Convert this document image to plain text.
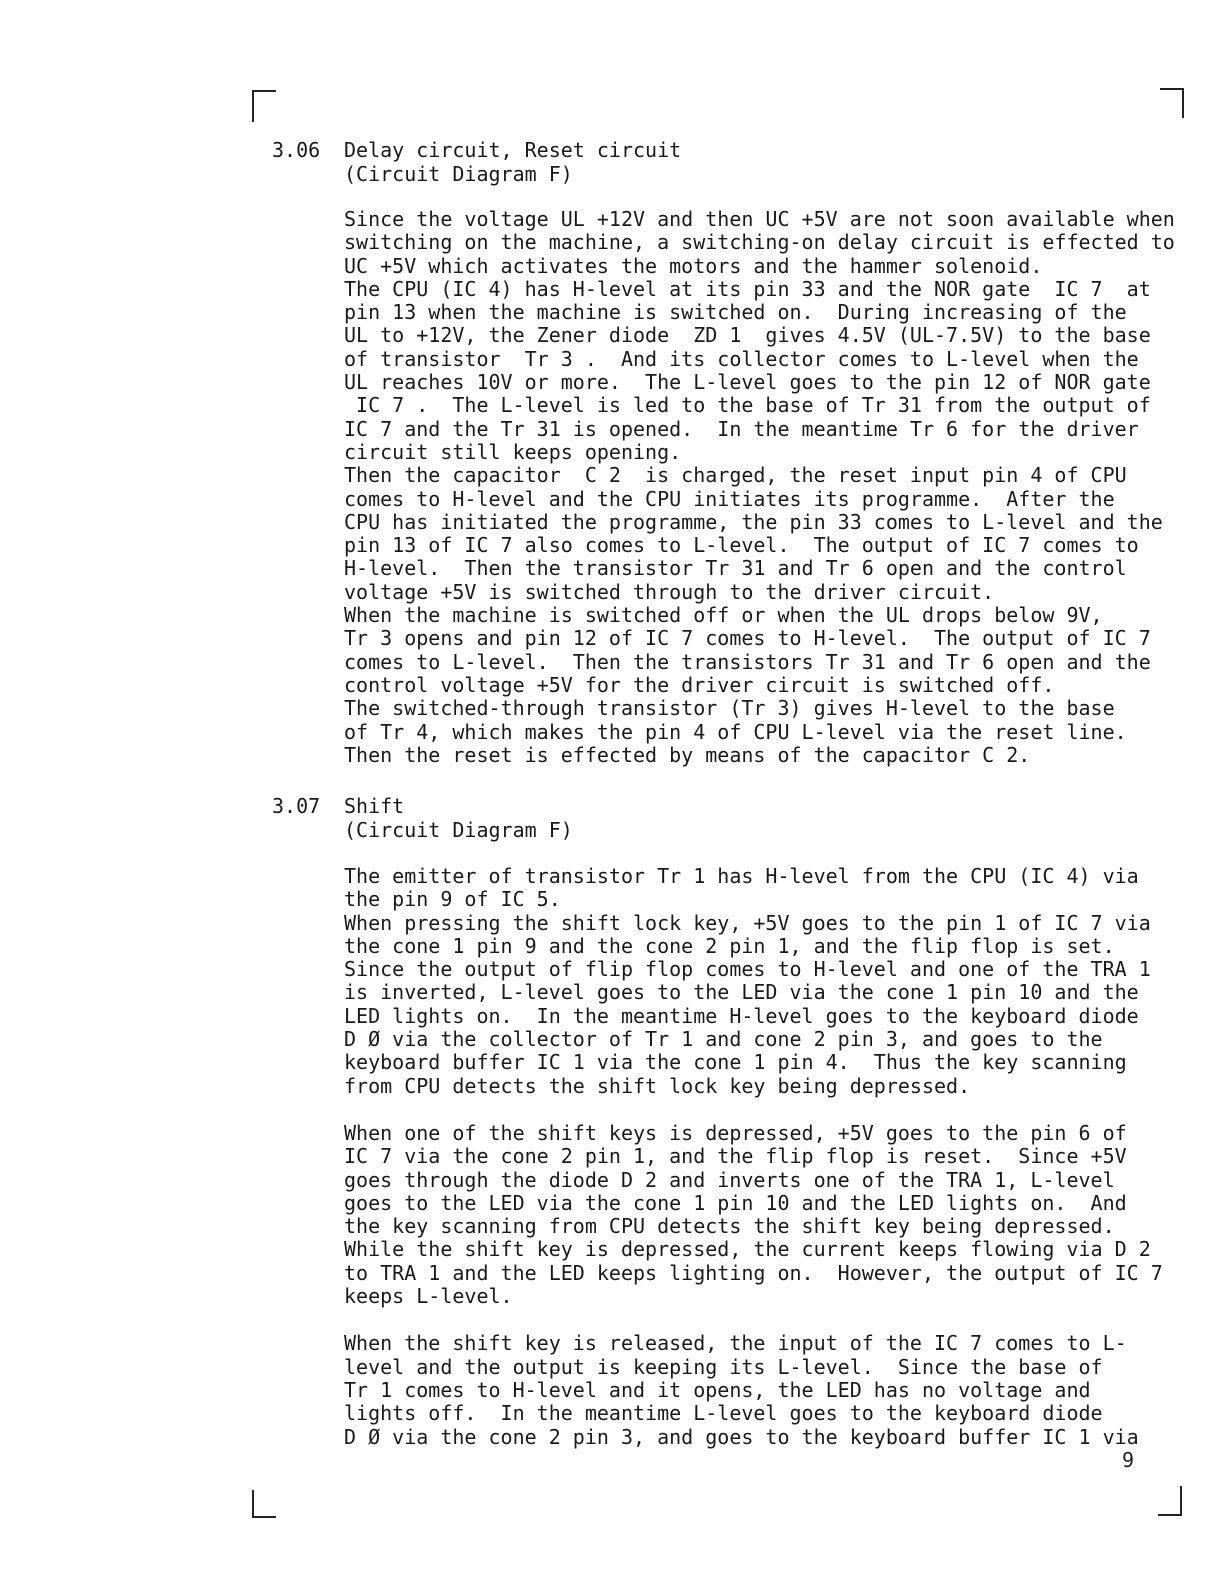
3.06 Delay circuit, Reset circuit
(Circuit Diagram F)
Since the voltage UL +12V and then UC +5V are not soon available when
switching on the machine, a switching-on delay circuit is effected to
UC +5V which activates the motors and the hammer solenoid.
The CPU (IC 4) has H-level at its pin 33 and the NOR gate  IC 7  at
pin 13 when the machine is switched on.  During increasing of the
UL to +12V, the Zener diode  ZD 1  gives 4.5V (UL-7.5V) to the base
of transistor  Tr 3 .  And its collector comes to L-level when the
UL reaches 10V or more.  The L-level goes to the pin 12 of NOR gate
IC 7 .  The L-level is led to the base of Tr 31 from the output of
IC 7 and the Tr 31 is opened.  In the meantime Tr 6 for the driver
circuit still keeps opening.
Then the capacitor  C 2  is charged, the reset input pin 4 of CPU
comes to H-level and the CPU initiates its programme.  After the
CPU has initiated the programme, the pin 33 comes to L-level and the
pin 13 of IC 7 also comes to L-level.  The output of IC 7 comes to
H-level.  Then the transistor Tr 31 and Tr 6 open and the control
voltage +5V is switched through to the driver circuit.
When the machine is switched off or when the UL drops below 9V,
Tr 3 opens and pin 12 of IC 7 comes to H-level.  The output of IC 7
comes to L-level.  Then the transistors Tr 31 and Tr 6 open and the
control voltage +5V for the driver circuit is switched off.
The switched-through transistor (Tr 3) gives H-level to the base
of Tr 4, which makes the pin 4 of CPU L-level via the reset line.
Then the reset is effected by means of the capacitor C 2.
3.07 Shift
(Circuit Diagram F)
The emitter of transistor Tr 1 has H-level from the CPU (IC 4) via
the pin 9 of IC 5.
When pressing the shift lock key, +5V goes to the pin 1 of IC 7 via
the cone 1 pin 9 and the cone 2 pin 1, and the flip flop is set.
Since the output of flip flop comes to H-level and one of the TRA 1
is inverted, L-level goes to the LED via the cone 1 pin 10 and the
LED lights on.  In the meantime H-level goes to the keyboard diode
D Ø via the collector of Tr 1 and cone 2 pin 3, and goes to the
keyboard buffer IC 1 via the cone 1 pin 4.  Thus the key scanning
from CPU detects the shift lock key being depressed.
When one of the shift keys is depressed, +5V goes to the pin 6 of
IC 7 via the cone 2 pin 1, and the flip flop is reset.  Since +5V
goes through the diode D 2 and inverts one of the TRA 1, L-level
goes to the LED via the cone 1 pin 10 and the LED lights on.  And
the key scanning from CPU detects the shift key being depressed.
While the shift key is depressed, the current keeps flowing via D 2
to TRA 1 and the LED keeps lighting on.  However, the output of IC 7
keeps L-level.
When the shift key is released, the input of the IC 7 comes to L-
level and the output is keeping its L-level.  Since the base of
Tr 1 comes to H-level and it opens, the LED has no voltage and
lights off.  In the meantime L-level goes to the keyboard diode
D Ø via the cone 2 pin 3, and goes to the keyboard buffer IC 1 via
9
